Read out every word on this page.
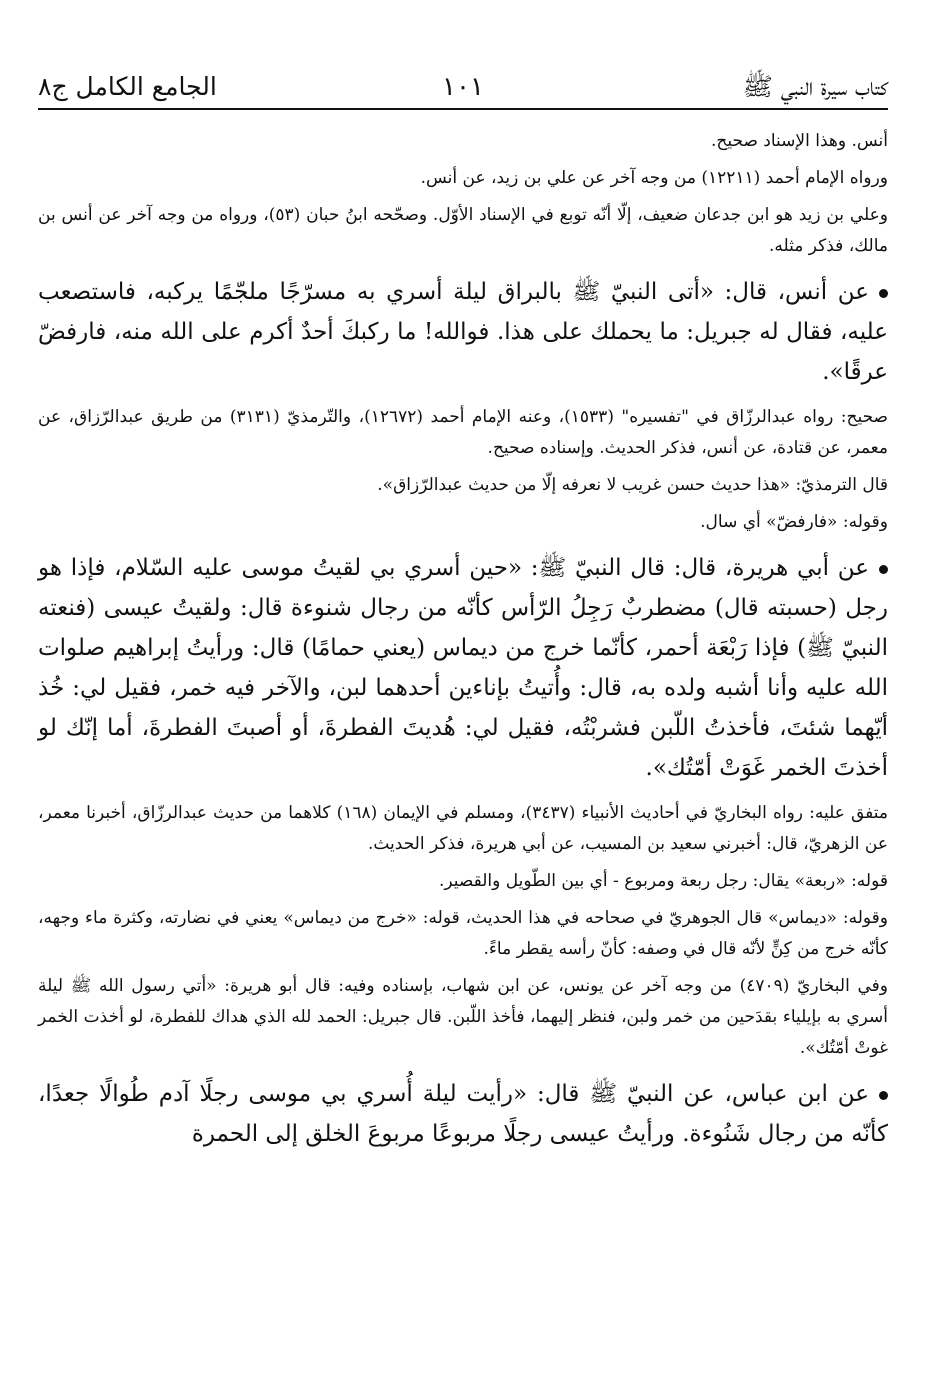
كتاب سيرة النبي ﷺ
١٠١
الجامع الكامل ج٨

أنس. وهذا الإسناد صحيح.

ورواه الإمام أحمد (١٢٢١١) من وجه آخر عن علي بن زيد، عن أنس.

وعلي بن زيد هو ابن جدعان ضعيف، إلّا أنّه توبع في الإسناد الأوّل. وصحّحه ابنُ حبان (٥٣)، ورواه من وجه آخر عن أنس بن مالك، فذكر مثله.

عن أنس، قال: «أتى النبيّ ﷺ بالبراق ليلة أسري به مسرّجًا ملجّمًا يركبه، فاستصعب عليه، فقال له جبريل: ما يحملك على هذا. فوالله! ما ركبكَ أحدٌ أكرم على الله منه، فارفضّ عرقًا».

صحيح: رواه عبدالرزّاق في "تفسيره" (١٥٣٣)، وعنه الإمام أحمد (١٢٦٧٢)، والتّرمذيّ (٣١٣١) من طريق عبدالرّزاق، عن معمر، عن قتادة، عن أنس، فذكر الحديث. وإسناده صحيح.

قال الترمذيّ: «هذا حديث حسن غريب لا نعرفه إلّا من حديث عبدالرّزاق».

وقوله: «فارفضّ» أي سال.

عن أبي هريرة، قال: قال النبيّ ﷺ: «حين أسري بي لقيتُ موسى عليه السّلام، فإذا هو رجل (حسبته قال) مضطربٌ رَجِلُ الرّأس كأنّه من رجال شنوءة قال: ولقيتُ عيسى (فنعته النبيّ ﷺ) فإذا رَبْعَة أحمر، كأنّما خرج من ديماس (يعني حمامًا) قال: ورأيتُ إبراهيم صلوات الله عليه وأنا أشبه ولده به، قال: وأُتيتُ بإناءين أحدهما لبن، والآخر فيه خمر، فقيل لي: خُذ أيّهما شئتَ، فأخذتُ اللّبن فشربْتُه، فقيل لي: هُديتَ الفطرةَ، أو أصبتَ الفطرةَ، أما إنّك لو أخذتَ الخمر غَوَتْ أمّتُك».

متفق عليه: رواه البخاريّ في أحاديث الأنبياء (٣٤٣٧)، ومسلم في الإيمان (١٦٨) كلاهما من حديث عبدالرزّاق، أخبرنا معمر، عن الزهريّ، قال: أخبرني سعيد بن المسيب، عن أبي هريرة، فذكر الحديث.

قوله: «ربعة» يقال: رجل ربعة ومربوع - أي بين الطّويل والقصير.

وقوله: «ديماس» قال الجوهريّ في صحاحه في هذا الحديث، قوله: «خرج من ديماس» يعني في نضارته، وكثرة ماء وجهه، كأنّه خرج من كِنٍّ لأنّه قال في وصفه: كأنّ رأسه يقطر ماءً.

وفي البخاريّ (٤٧٠٩) من وجه آخر عن يونس، عن ابن شهاب، بإسناده وفيه: قال أبو هريرة: «أتي رسول الله ﷺ ليلة أسري به بإيلياء بقدَحين من خمر ولبن، فنظر إليهما، فأخذ اللّبن. قال جبريل: الحمد لله الذي هداك للفطرة، لو أخذت الخمر غوتْ أمّتُك».

عن ابن عباس، عن النبيّ ﷺ قال: «رأيت ليلة أُسري بي موسى رجلًا آدم طُوالًا جعدًا، كأنّه من رجال شَنُوءة. ورأيتُ عيسى رجلًا مربوعًا مربوعَ الخلق إلى الحمرة
